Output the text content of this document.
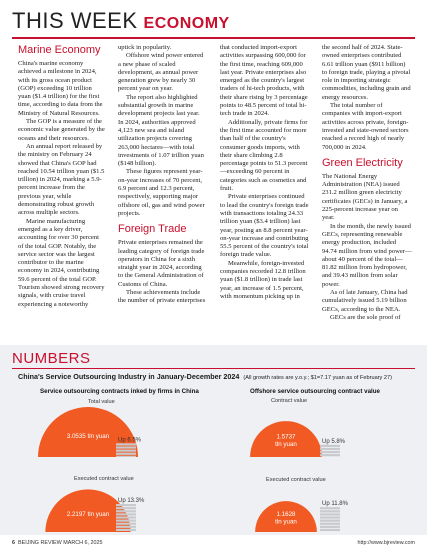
THIS WEEK ECONOMY
Marine Economy

China's marine economy achieved a milestone in 2024, with its gross ocean product (GOP) exceeding 10 trillion yuan ($1.4 trillion) for the first time, according to data from the Ministry of Natural Resources.

The GOP is a measure of the economic value generated by the oceans and their resources.

An annual report released by the ministry on February 24 showed that China's GOP had reached 10.54 trillion yuan ($1.5 trillion) in 2024, marking a 5.9-percent increase from the previous year, while demonstrating robust growth across multiple sectors.

Marine manufacturing emerged as a key driver, accounting for over 30 percent of the total GOP. Notably, the service sector was the largest contributor to the marine economy in 2024, contributing 59.6 percent of the total GOP. Tourism showed strong recovery signals, with cruise travel experiencing a noteworthy

uptick in popularity.

Offshore wind power entered a new phase of scaled development, as annual power generation grew by nearly 30 percent year on year.

The report also highlighted substantial growth in marine development projects last year. In 2024, authorities approved 4,123 new sea and island utilization projects covering 263,000 hectares—with total investments of 1.07 trillion yuan ($148 billion).

These figures represent year-on-year increases of 70 percent, 6.9 percent and 12.3 percent, respectively, supporting major offshore oil, gas and wind power projects.

Foreign Trade

Private enterprises remained the leading category of foreign trade operators in China for a sixth straight year in 2024, according to the General Administration of Customs of China.

These achievements include the number of private enterprises

that conducted import-export activities surpassing 600,000 for the first time, reaching 609,000 last year. Private enterprises also emerged as the country's largest traders of hi-tech products, with their share rising by 3 percentage points to 48.5 percent of total hi-tech trade in 2024.

Additionally, private firms for the first time accounted for more than half of the country's consumer goods imports, with their share climbing 2.8 percentage points to 51.3 percent—exceeding 60 percent in categories such as cosmetics and fruit.

Private enterprises continued to lead the country's foreign trade with transactions totaling 24.33 trillion yuan ($3.4 trillion) last year, posting an 8.8 percent year-on-year increase and contributing 55.5 percent of the country's total foreign trade value.

Meanwhile, foreign-invested companies recorded 12.8 trillion yuan ($1.8 trillion) in trade last year, an increase of 1.5 percent, with momentum picking up in

the second half of 2024. State-owned enterprises contributed 6.61 trillion yuan ($911 billion) to foreign trade, playing a pivotal role in importing strategic commodities, including grain and energy resources.

The total number of companies with import-export activities across private, foreign-invested and state-owned sectors reached a record high of nearly 700,000 in 2024.

Green Electricity

The National Energy Administration (NEA) issued 231.2 million green electricity certificates (GECs) in January, a 225-percent increase year on year.

In the month, the newly issued GECs, representing renewable energy production, included 94.74 million from wind power—about 40 percent of the total—81.82 million from hydropower, and 39.43 million from solar power.

As of late January, China had cumulatively issued 5.19 billion GECs, according to the NEA.

GECs are the sole proof of

NUMBERS
China's Service Outsourcing Industry in January-December 2024 (All growth rates are y.o.y.; $1=7.17 yuan as of February 27)
Service outsourcing contracts inked by firms in China	Offshore service outsourcing contract value
Total value
Executed contract value
Contract value
Executed contract value
3.0535 tln yuan
Up 6.5%
2.2197 tln yuan
Up 13.3%
1.5737
tln yuan	Up 5.8%
1.1628
tln yuan
Up 11.8%
6 BEIJING REVIEW MARCH 6, 2025	http://www.bjreview.com
